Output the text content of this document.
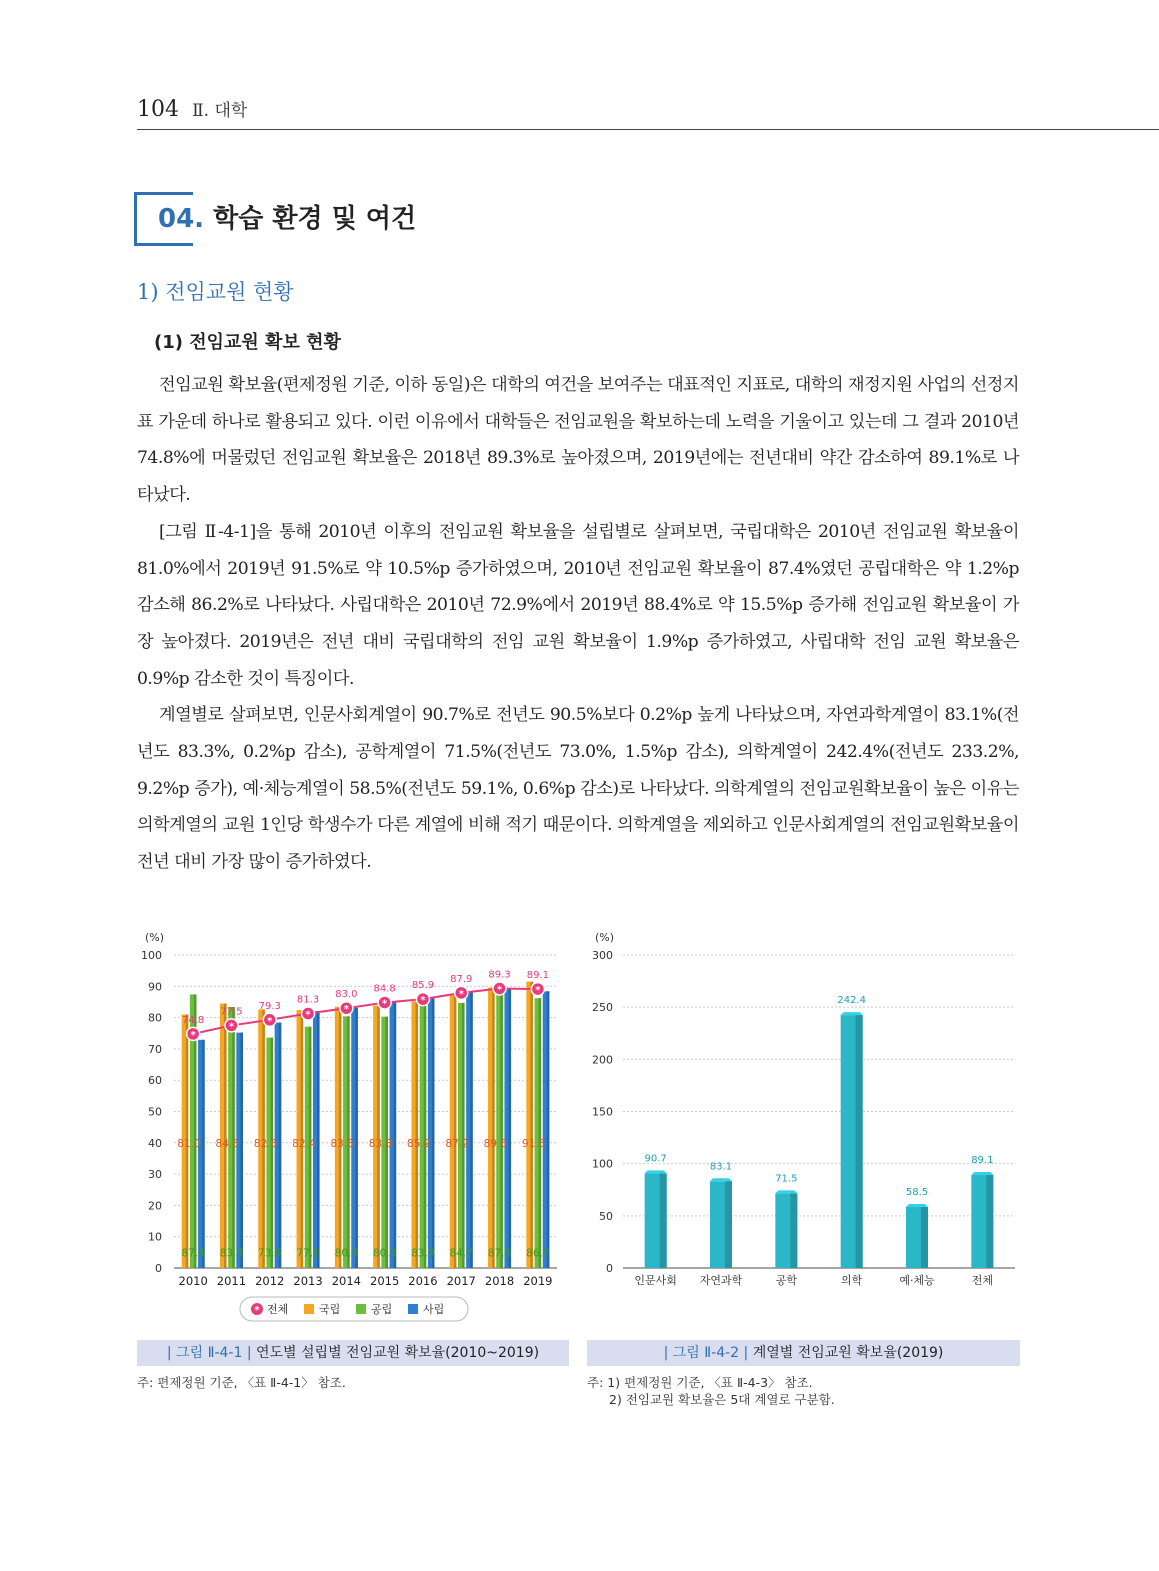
104 Ⅱ. 대학
04. 학습 환경 및 여건
1) 전임교원 현황
(1) 전임교원 확보 현황

전임교원 확보율(편제정원 기준, 이하 동일)은 대학의 여건을 보여주는 대표적인 지표로, 대학의 재정지원 사업의 선정지표 가운데 하나로 활용되고 있다. 이런 이유에서 대학들은 전임교원을 확보하는데 노력을 기울이고 있는데 그 결과 2010년 74.8%에 머물렀던 전임교원 확보율은 2018년 89.3%로 높아졌으며, 2019년에는 전년대비 약간 감소하여 89.1%로 나타났다.

[그림 Ⅱ-4-1]을 통해 2010년 이후의 전임교원 확보율을 설립별로 살펴보면, 국립대학은 2010년 전임교원 확보율이 81.0%에서 2019년 91.5%로 약 10.5%p 증가하였으며, 2010년 전임교원 확보율이 87.4%였던 공립대학은 약 1.2%p 감소해 86.2%로 나타났다. 사립대학은 2010년 72.9%에서 2019년 88.4%로 약 15.5%p 증가해 전임교원 확보율이 가장 높아졌다. 2019년은 전년 대비 국립대학의 전임 교원 확보율이 1.9%p 증가하였고, 사립대학 전임 교원 확보율은 0.9%p 감소한 것이 특징이다.

계열별로 살펴보면, 인문사회계열이 90.7%로 전년도 90.5%보다 0.2%p 높게 나타났으며, 자연과학계열이 83.1%(전년도 83.3%, 0.2%p 감소), 공학계열이 71.5%(전년도 73.0%, 1.5%p 감소), 의학계열이 242.4%(전년도 233.2%, 9.2%p 증가), 예·체능계열이 58.5%(전년도 59.1%, 0.6%p 감소)로 나타났다. 의학계열의 전임교원확보율이 높은 이유는 의학계열의 교원 1인당 학생수가 다른 계열에 비해 적기 때문이다. 의학계열을 제외하고 인문사회계열의 전임교원확보율이 전년 대비 가장 많이 증가하였다.

(%)
0
10
20
30
40
50
60
70
80
90
100
2010
81.0
87.4
2011
84.5
83.4
2012
82.6
73.6
2013
82.4
77.1
2014
83.5
80.4
2015
83.8
80.3
2016
85.2
83.9
2017
87.2
84.7
2018
89.6
87.4
2019
91.5
86.2
*
74.8
*
77.5
*
79.3
*
81.3
*
83.0
*
84.8
*
85.9
*
87.9
*
89.3
*
89.1
* 전체	국립	공립	사립
(%)
0
50
100
150
200
250
300
90.7
인문사회
83.1
자연과학
71.5
공학
242.4
의학
58.5
예·체능
89.1
전체
| 그림 Ⅱ-4-1 | 연도별 설립별 전임교원 확보율(2010~2019)	| 그림 Ⅱ-4-2 | 계열별 전임교원 확보율(2019)
주: 편제정원 기준, 〈표 Ⅱ-4-1〉 참조.	주: 1) 편제정원 기준, 〈표 Ⅱ-4-3〉 참조.
2) 전임교원 확보율은 5대 계열로 구분함.
